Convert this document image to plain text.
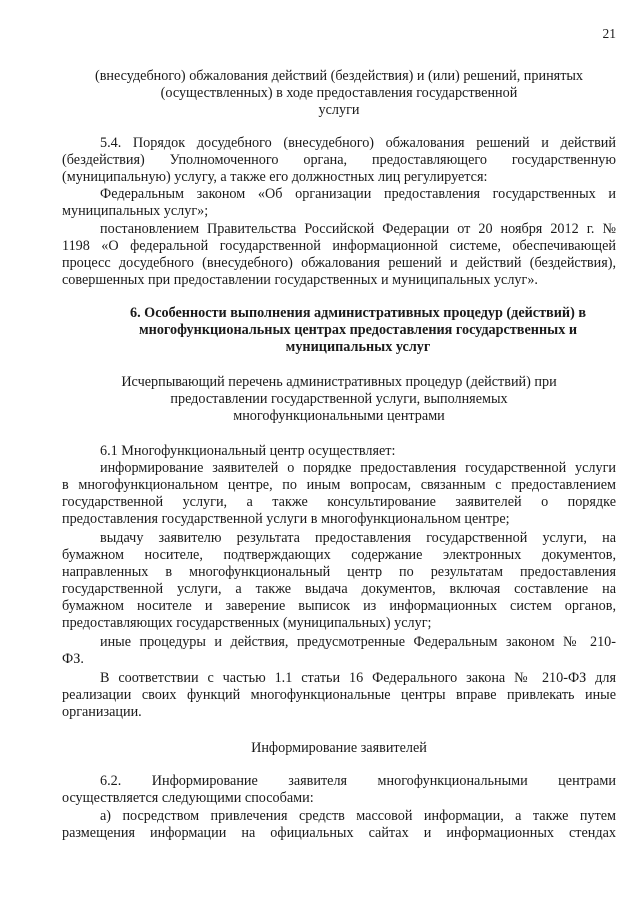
21
(внесудебного) обжалования действий (бездействия) и (или) решений, принятых
(осуществленных) в ходе предоставления государственной
услуги
5.4. Порядок досудебного (внесудебного) обжалования решений и действий
(бездействия) Уполномоченного органа, предоставляющего государственную
(муниципальную) услугу, а также его должностных лиц регулируется:
Федеральным законом «Об организации предоставления государственных и
муниципальных услуг»;
постановлением Правительства Российской Федерации от 20 ноября 2012 г. №
1198 «О федеральной государственной информационной системе, обеспечивающей
процесс досудебного (внесудебного) обжалования решений и действий (бездействия),
совершенных при предоставлении государственных и муниципальных услуг».
6. Особенности выполнения административных процедур (действий) в
многофункциональных центрах предоставления государственных и
муниципальных услуг
Исчерпывающий перечень административных процедур (действий) при
предоставлении государственной услуги, выполняемых
многофункциональными центрами
6.1 Многофункциональный центр осуществляет:
информирование заявителей о порядке предоставления государственной услуги
в многофункциональном центре, по иным вопросам, связанным с предоставлением
государственной услуги, а также консультирование заявителей о порядке
предоставления государственной услуги в многофункциональном центре;
выдачу заявителю результата предоставления государственной услуги, на
бумажном носителе, подтверждающих содержание электронных документов,
направленных в многофункциональный центр по результатам предоставления
государственной услуги, а также выдача документов, включая составление на
бумажном носителе и заверение выписок из информационных систем органов,
предоставляющих государственных (муниципальных) услуг;
иные процедуры и действия, предусмотренные Федеральным законом № 210-
ФЗ.
В соответствии с частью 1.1 статьи 16 Федерального закона № 210-ФЗ для
реализации своих функций многофункциональные центры вправе привлекать иные
организации.
Информирование заявителей
6.2. Информирование заявителя многофункциональными центрами
осуществляется следующими способами:
а) посредством привлечения средств массовой информации, а также путем
размещения информации на официальных сайтах и информационных стендах
